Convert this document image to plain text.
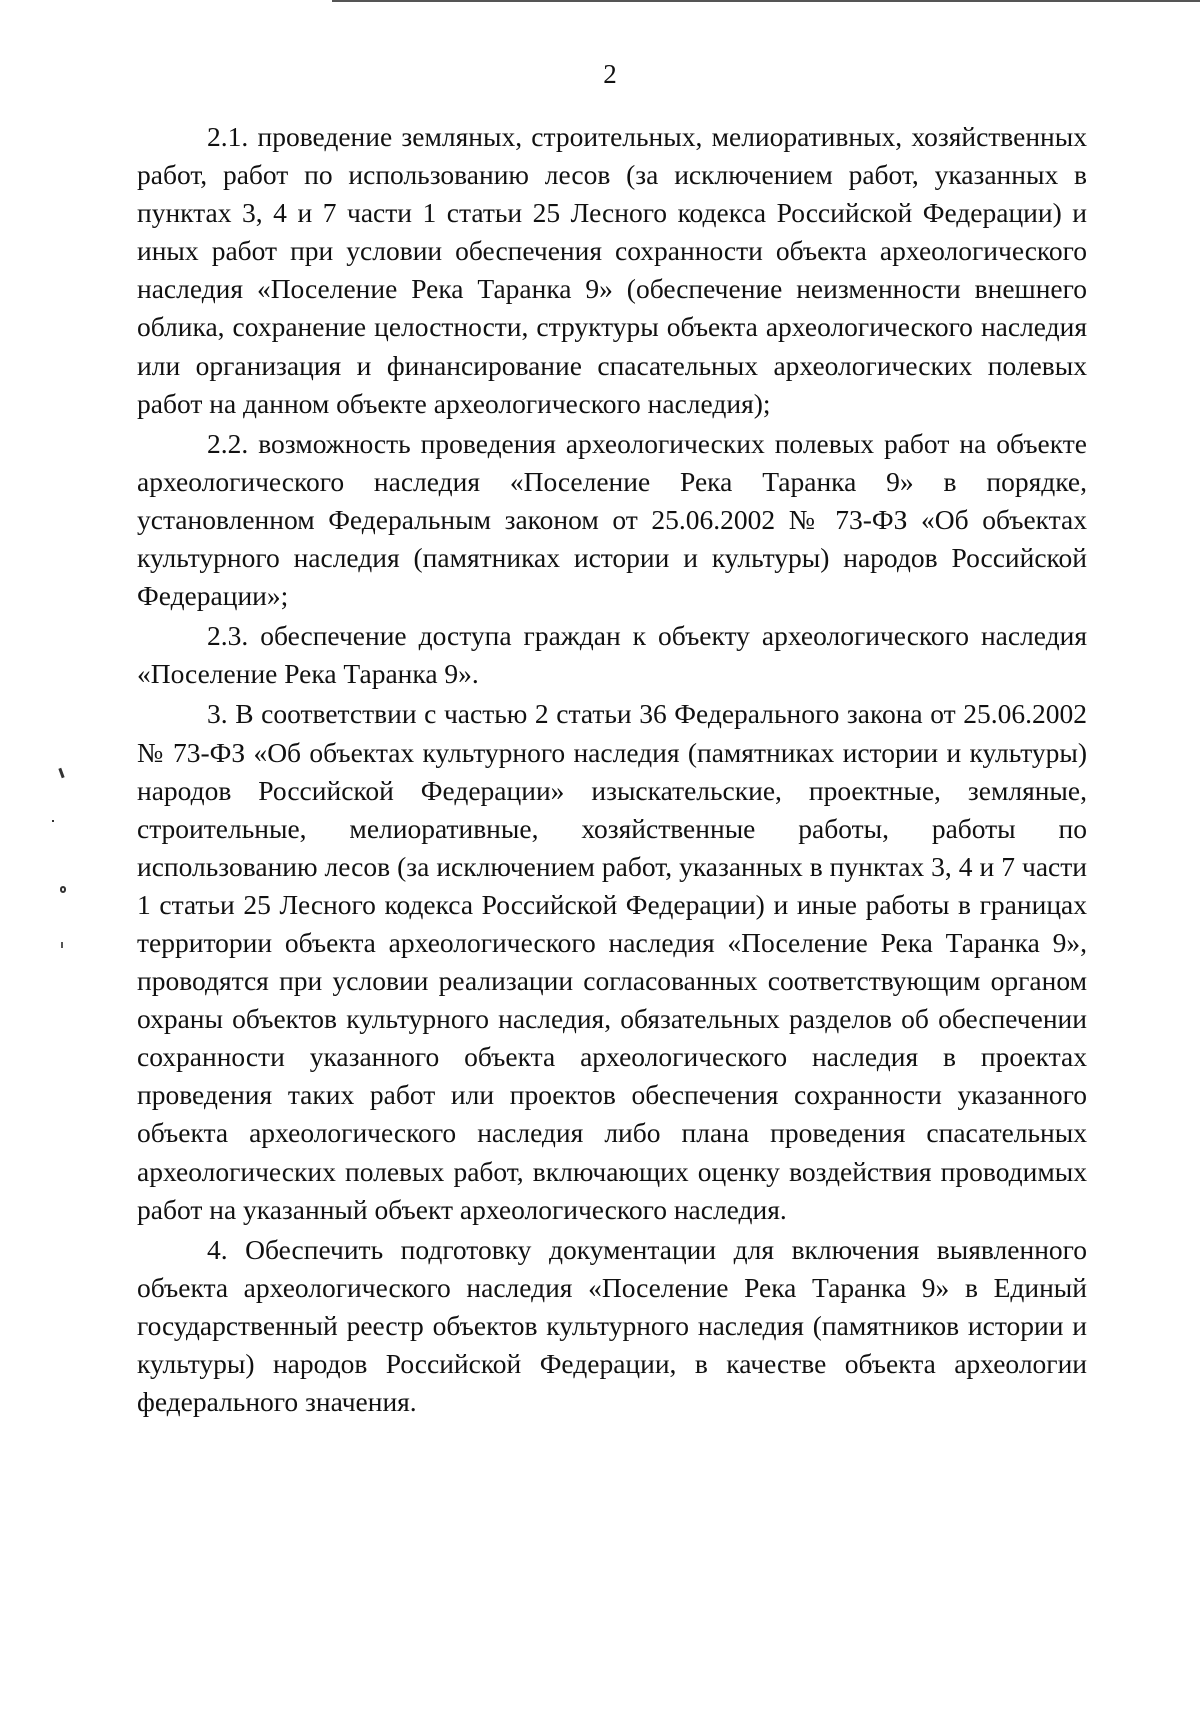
2

2.1. проведение земляных, строительных, мелиоративных, хозяйственных работ, работ по использованию лесов (за исключением работ, указанных в пунктах 3, 4 и 7 части 1 статьи 25 Лесного кодекса Российской Федерации) и иных работ при условии обеспечения сохранности объекта археологического наследия «Поселение Река Таранка 9» (обеспечение неизменности внешнего облика, сохранение целостности, структуры объекта археологического наследия или организация и финансирование спасательных археологических полевых работ на данном объекте археологического наследия);

2.2. возможность проведения археологических полевых работ на объекте археологического наследия «Поселение Река Таранка 9» в порядке, установленном Федеральным законом от 25.06.2002 № 73-ФЗ «Об объектах культурного наследия (памятниках истории и культуры) народов Российской Федерации»;

2.3. обеспечение доступа граждан к объекту археологического наследия «Поселение Река Таранка 9».

3. В соответствии с частью 2 статьи 36 Федерального закона от 25.06.2002 № 73-ФЗ «Об объектах культурного наследия (памятниках истории и культуры) народов Российской Федерации» изыскательские, проектные, земляные, строительные, мелиоративные, хозяйственные работы, работы по использованию лесов (за исключением работ, указанных в пунктах 3, 4 и 7 части 1 статьи 25 Лесного кодекса Российской Федерации) и иные работы в границах территории объекта археологического наследия «Поселение Река Таранка 9», проводятся при условии реализации согласованных соответствующим органом охраны объектов культурного наследия, обязательных разделов об обеспечении сохранности указанного объекта археологического наследия в проектах проведения таких работ или проектов обеспечения сохранности указанного объекта археологического наследия либо плана проведения спасательных археологических полевых работ, включающих оценку воздействия проводимых работ на указанный объект археологического наследия.

4. Обеспечить подготовку документации для включения выявленного объекта археологического наследия «Поселение Река Таранка 9» в Единый государственный реестр объектов культурного наследия (памятников истории и культуры) народов Российской Федерации, в качестве объекта археологии федерального значения.
